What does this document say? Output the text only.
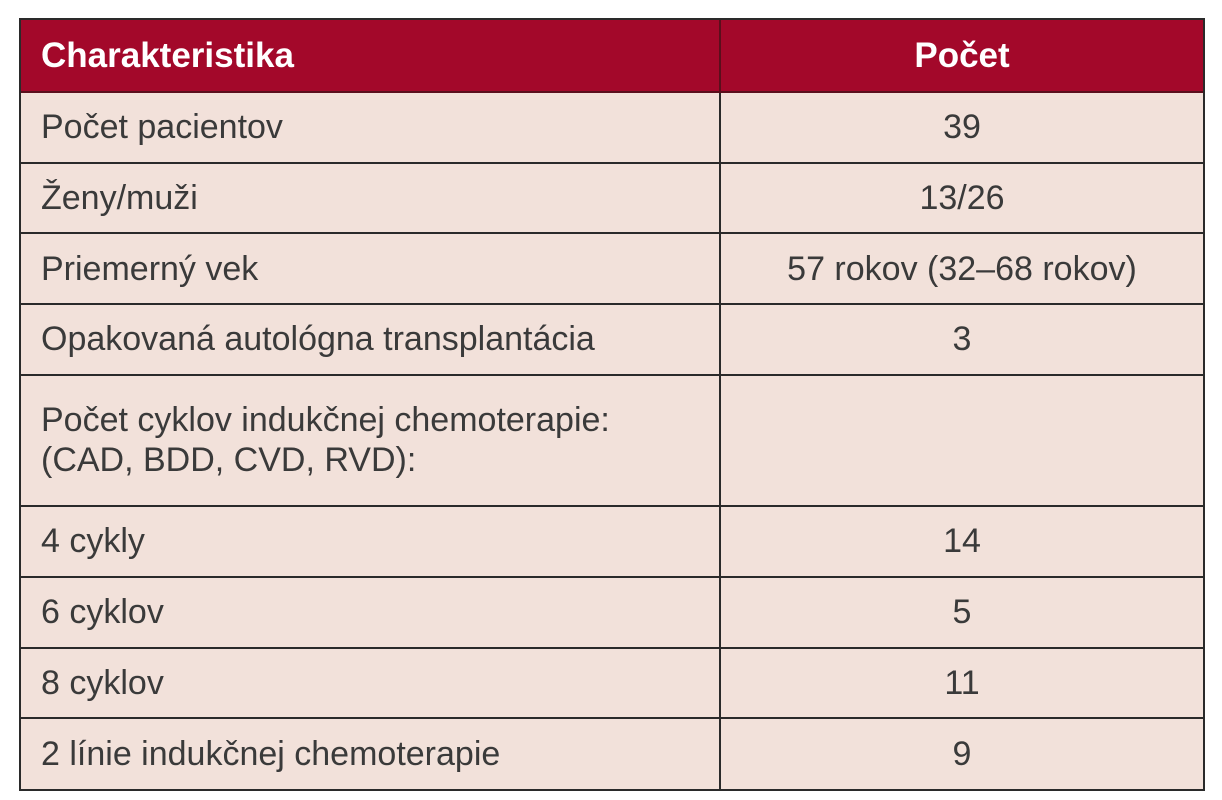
Charakteristika	Počet
Počet pacientov	39
Ženy/muži	13/26
Priemerný vek	57 rokov (32–68 rokov)
Opakovaná autológna transplantácia	3

Počet cyklov indukčnej chemoterapie:
(CAD, BDD, CVD, RVD):	

4 cykly	14
6 cyklov	5
8 cyklov	11
2 línie indukčnej chemoterapie	9
